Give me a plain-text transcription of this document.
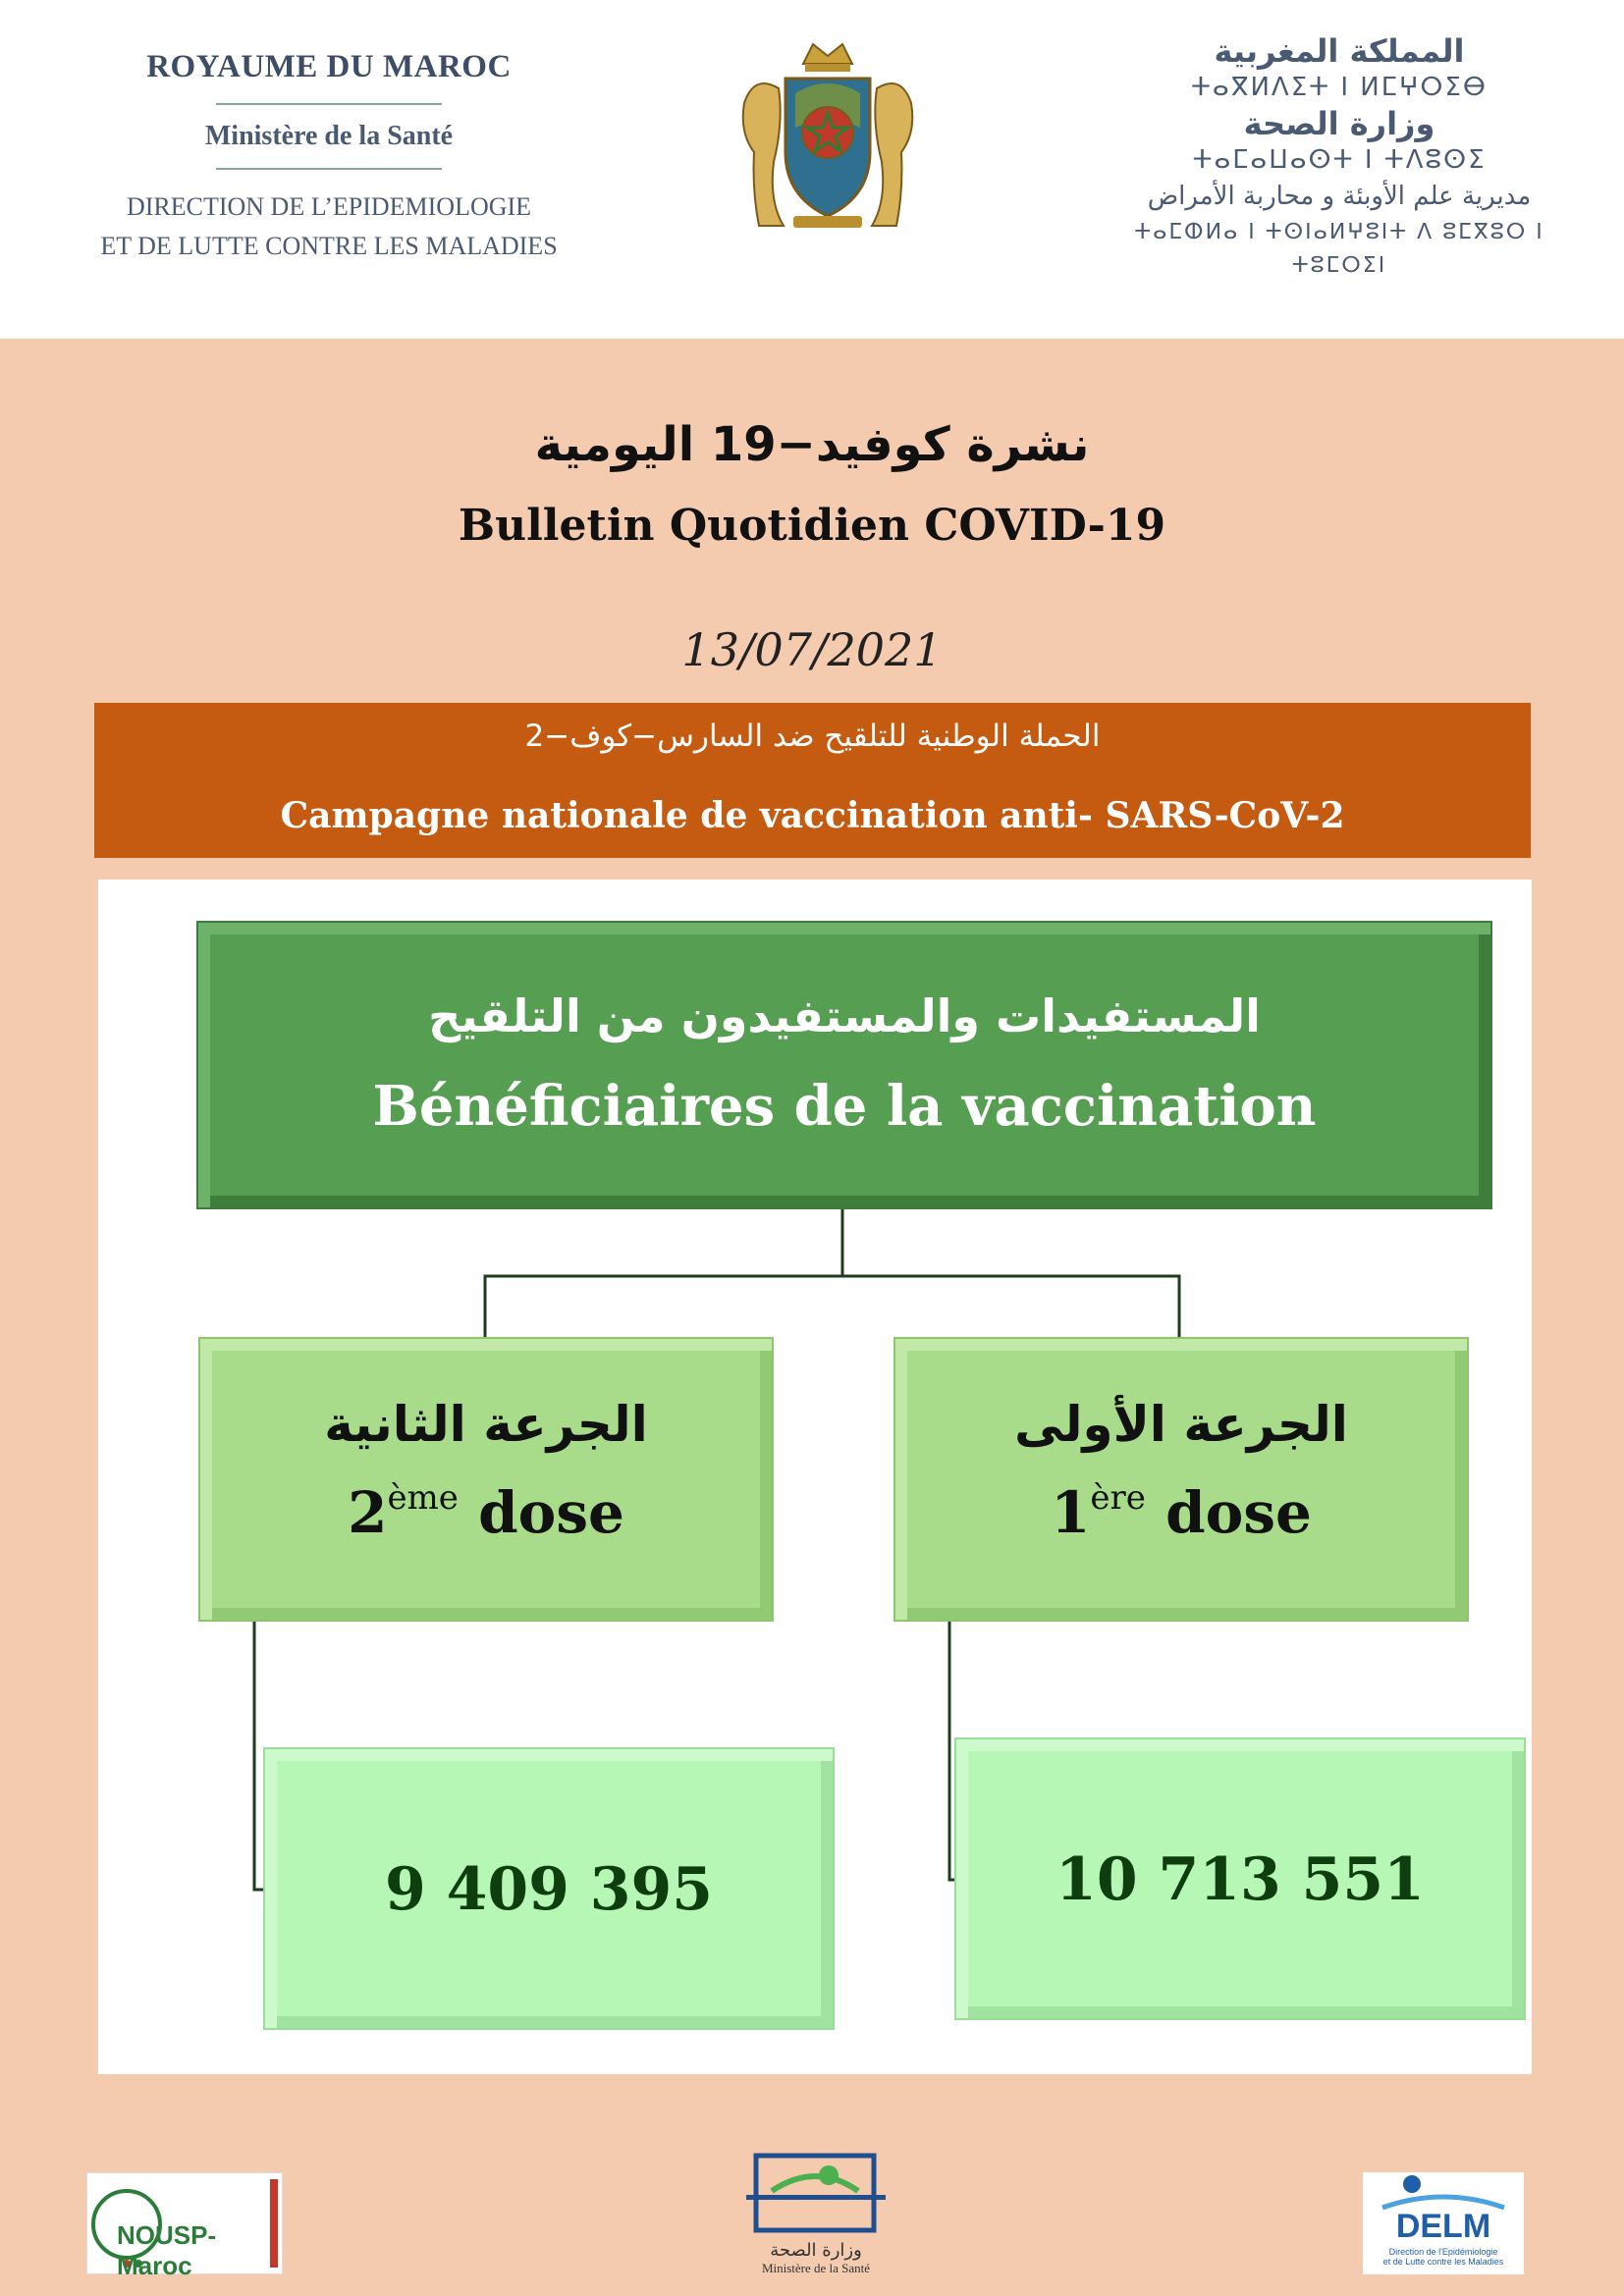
ROYAUME DU MAROC
Ministère de la Santé
DIRECTION DE L’EPIDEMIOLOGIE
ET DE LUTTE CONTRE LES MALADIES
المملكة المغربية
ⵜⴰⴳⵍⴷⵉⵜ ⵏ ⵍⵎⵖⵔⵉⴱ
وزارة الصحة
ⵜⴰⵎⴰⵡⴰⵙⵜ ⵏ ⵜⴷⵓⵙⵉ
مديرية علم الأوبئة و محاربة الأمراض
ⵜⴰⵎⵀⵍⴰ ⵏ ⵜⵙⵏⴰⵍⵖⵓⵏⵜ ⴷ ⵓⵎⴳⵓⵔ ⵏ ⵜⵓⵎⵔⵉⵏ
نشرة كوفيد−19 اليومية
Bulletin Quotidien COVID-19
13/07/2021
الحملة الوطنية للتلقيح ضد السارس−كوف−2
Campagne nationale de vaccination anti- SARS-CoV-2
المستفيدات والمستفيدون من التلقيح
Bénéficiaires de la vaccination
الجرعة الأولى
1ère dose
الجرعة الثانية
2ème dose
10 713 551
9 409 395
NOUSP-Maroc
وزارة الصحة
Ministère de la Santé
DELM
Direction de l'Epidémiologie
et de Lutte contre les Maladies
